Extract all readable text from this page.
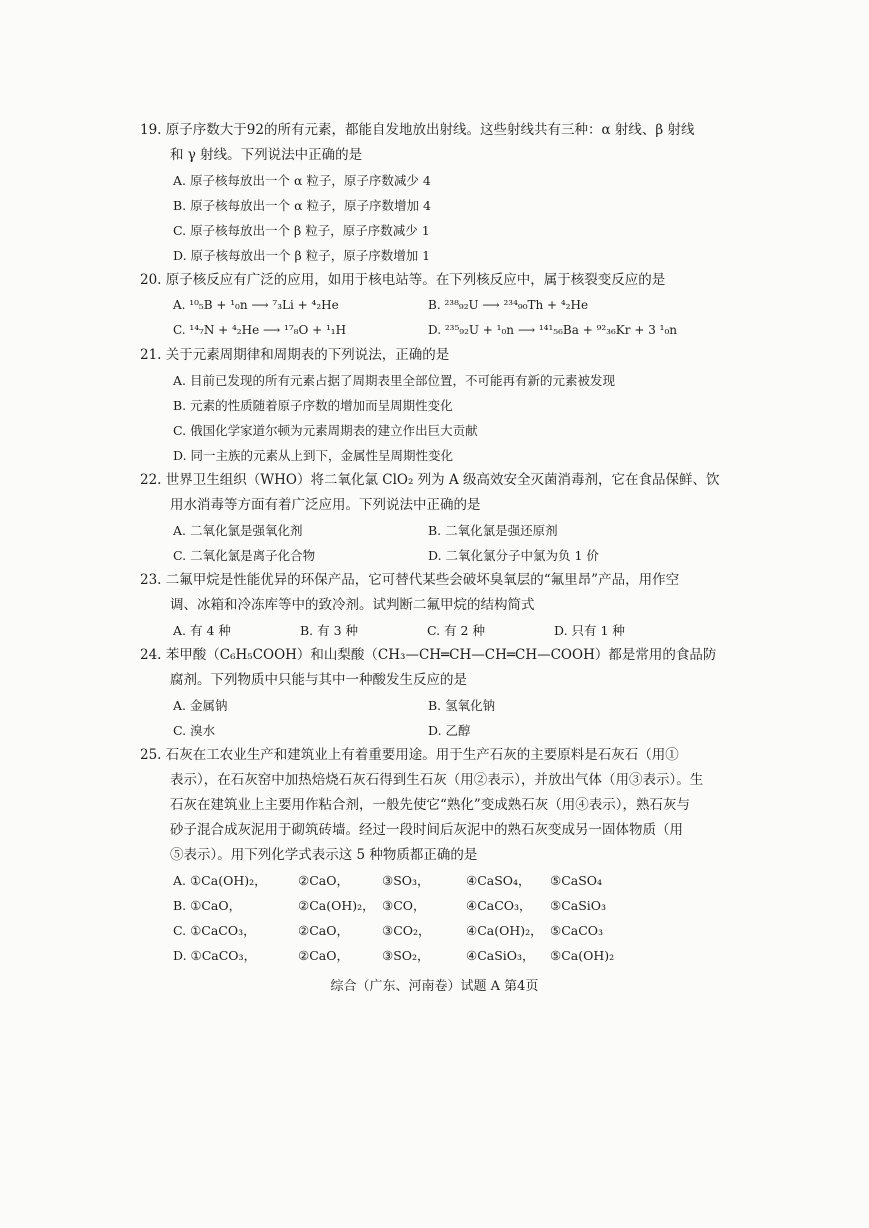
19. 原子序数大于92的所有元素，都能自发地放出射线。这些射线共有三种：α 射线、β 射线

和 γ 射线。下列说法中正确的是

A. 原子核每放出一个 α 粒子，原子序数减少 4

B. 原子核每放出一个 α 粒子，原子序数增加 4

C. 原子核每放出一个 β 粒子，原子序数减少 1

D. 原子核每放出一个 β 粒子，原子序数增加 1

20. 原子核反应有广泛的应用，如用于核电站等。在下列核反应中，属于核裂变反应的是

A. ¹⁰₅B + ¹₀n ⟶ ⁷₃Li + ⁴₂He	B. ²³⁸₉₂U ⟶ ²³⁴₉₀Th + ⁴₂He
C. ¹⁴₇N + ⁴₂He ⟶ ¹⁷₈O + ¹₁H	D. ²³⁵₉₂U + ¹₀n ⟶ ¹⁴¹₅₆Ba + ⁹²₃₆Kr + 3 ¹₀n

21. 关于元素周期律和周期表的下列说法，正确的是

A. 目前已发现的所有元素占据了周期表里全部位置，不可能再有新的元素被发现

B. 元素的性质随着原子序数的增加而呈周期性变化

C. 俄国化学家道尔顿为元素周期表的建立作出巨大贡献

D. 同一主族的元素从上到下，金属性呈周期性变化

22. 世界卫生组织（WHO）将二氧化氯 ClO₂ 列为 A 级高效安全灭菌消毒剂，它在食品保鲜、饮

用水消毒等方面有着广泛应用。下列说法中正确的是

A. 二氧化氯是强氧化剂	B. 二氧化氯是强还原剂
C. 二氧化氯是离子化合物	D. 二氧化氯分子中氯为负 1 价

23. 二氟甲烷是性能优异的环保产品，它可替代某些会破坏臭氧层的“氟里昂”产品，用作空

调、冰箱和冷冻库等中的致冷剂。试判断二氟甲烷的结构简式

A. 有 4 种	B. 有 3 种	C. 有 2 种	D. 只有 1 种

24. 苯甲酸（C₆H₅COOH）和山梨酸（CH₃—CH═CH—CH═CH—COOH）都是常用的食品防

腐剂。下列物质中只能与其中一种酸发生反应的是

A. 金属钠	B. 氢氧化钠
C. 溴水	D. 乙醇

25. 石灰在工农业生产和建筑业上有着重要用途。用于生产石灰的主要原料是石灰石（用①

表示），在石灰窑中加热焙烧石灰石得到生石灰（用②表示），并放出气体（用③表示）。生

石灰在建筑业上主要用作粘合剂，一般先使它“熟化”变成熟石灰（用④表示），熟石灰与

砂子混合成灰泥用于砌筑砖墙。经过一段时间后灰泥中的熟石灰变成另一固体物质（用

⑤表示）。用下列化学式表示这 5 种物质都正确的是

A. ①Ca(OH)₂，	②CaO，	③SO₃，	④CaSO₄，	⑤CaSO₄
B. ①CaO，	②Ca(OH)₂， ③CO，	④CaCO₃，	⑤CaSiO₃
C. ①CaCO₃，	②CaO，	③CO₂，	④Ca(OH)₂， ⑤CaCO₃
D. ①CaCO₃，	②CaO，	③SO₂，	④CaSiO₃，	⑤Ca(OH)₂
综合（广东、河南卷）试题 A 第4页
